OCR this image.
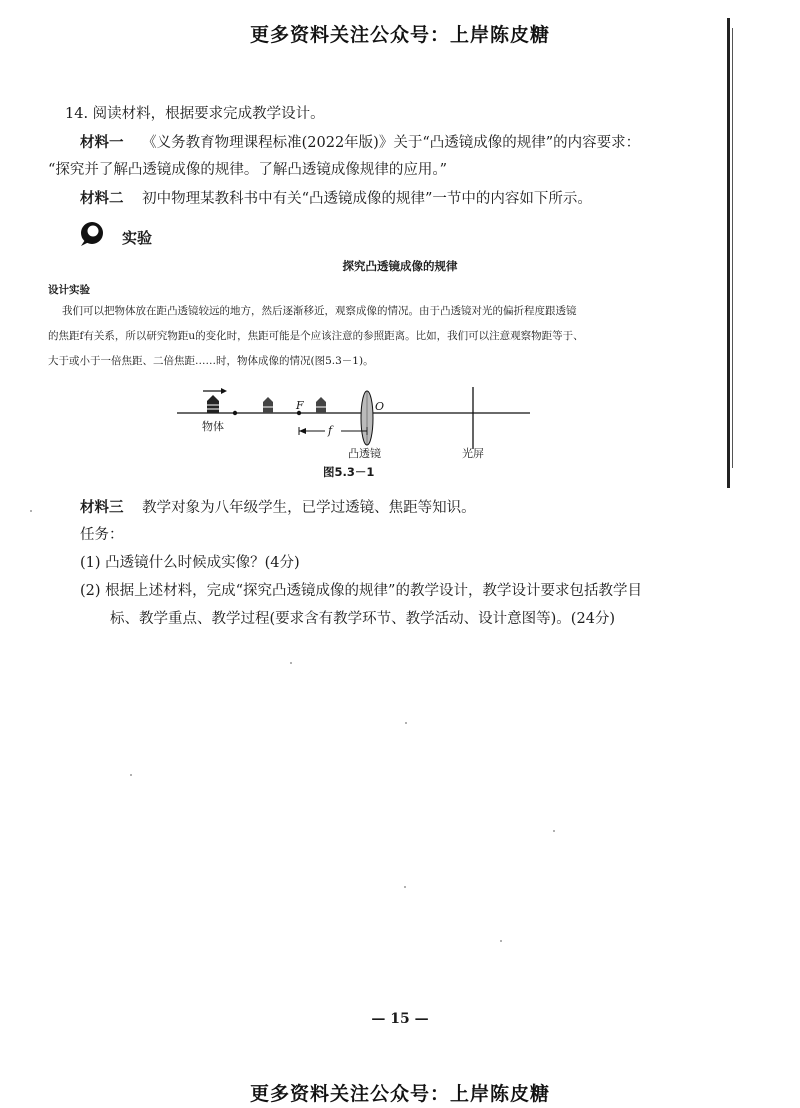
更多资料关注公众号：上岸陈皮糖
14. 阅读材料，根据要求完成教学设计。
材料一 《义务教育物理课程标准(2022年版)》关于“凸透镜成像的规律”的内容要求：
“探究并了解凸透镜成像的规律。了解凸透镜成像规律的应用。”
材料二 初中物理某教科书中有关“凸透镜成像的规律”一节中的内容如下所示。
实验
探究凸透镜成像的规律
设计实验
我们可以把物体放在距凸透镜较远的地方，然后逐渐移近，观察成像的情况。由于凸透镜对光的偏折程度跟透镜
的焦距f有关系，所以研究物距u的变化时，焦距可能是个应该注意的参照距离。比如，我们可以注意观察物距等于、
大于或小于一倍焦距、二倍焦距……时，物体成像的情况(图5.3－1)。
物体
F
f
O
凸透镜	光屏
图5.3－1
材料三 教学对象为八年级学生，已学过透镜、焦距等知识。
任务：
(1) 凸透镜什么时候成实像？(4分)
(2) 根据上述材料，完成“探究凸透镜成像的规律”的教学设计，教学设计要求包括教学目
标、教学重点、教学过程(要求含有教学环节、教学活动、设计意图等)。(24分)
— 15 —
更多资料关注公众号：上岸陈皮糖
